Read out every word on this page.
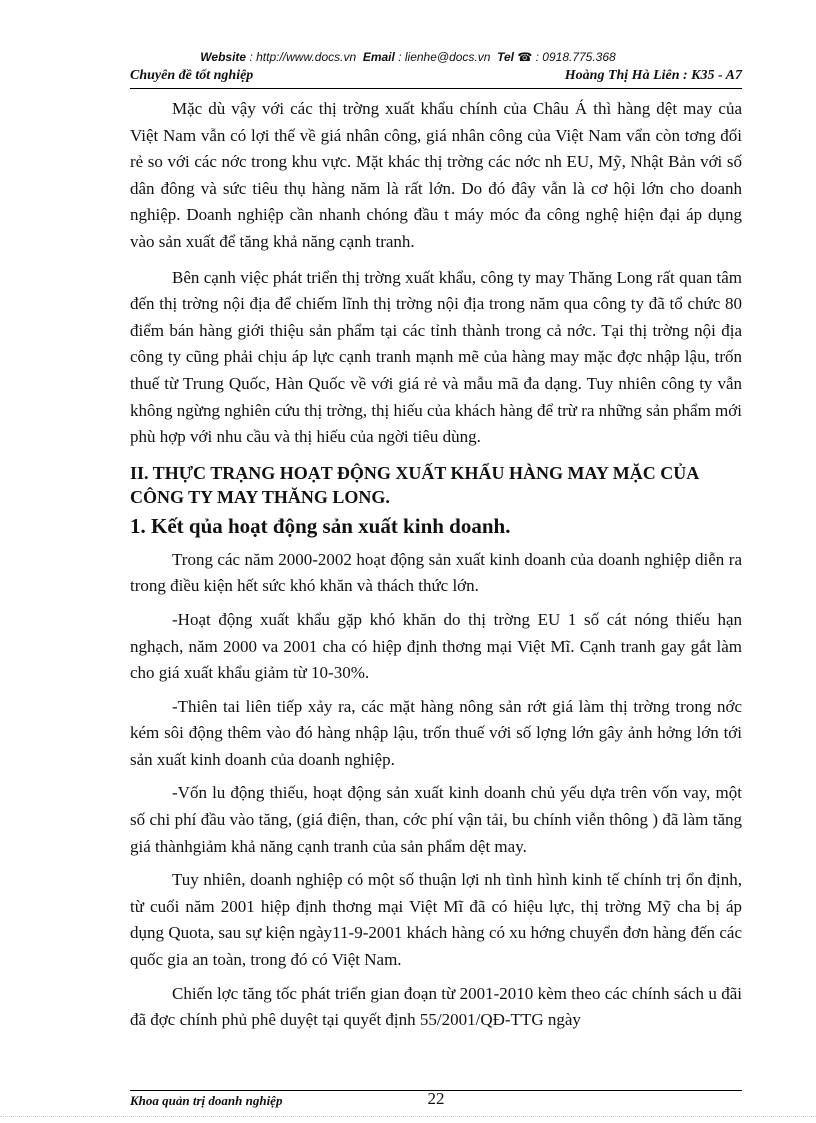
Website : http://www.docs.vn Email : lienhe@docs.vn Tel ☎ : 0918.775.368
Chuyên đề tốt nghiệp	Hoàng Thị Hà Liên : K35 - A7

Mặc dù vậy với các thị trờng xuất khẩu chính của Châu Á thì hàng dệt may của Việt Nam vẫn có lợi thế về giá nhân công, giá nhân công của Việt Nam vẩn còn tơng đối rẻ so với các nớc trong khu vực. Mặt khác thị trờng các nớc nh EU, Mỹ, Nhật Bản với số dân đông và sức tiêu thụ hàng năm là rất lớn. Do đó đây vẫn là cơ hội lớn cho doanh nghiệp. Doanh nghiệp cần nhanh chóng đầu t máy móc đa công nghệ hiện đại áp dụng vào sản xuất để tăng khả năng cạnh tranh.

Bên cạnh việc phát triển thị trờng xuất khẩu, công ty may Thăng Long rất quan tâm đến thị trờng nội địa để chiếm lĩnh thị trờng nội địa trong năm qua công ty đã tổ chức 80 điểm bán hàng giới thiệu sản phẩm tại các tỉnh thành trong cả nớc. Tại thị trờng nội địa công ty cũng phải chịu áp lực cạnh tranh mạnh mẽ của hàng may mặc đợc nhập lậu, trốn thuế từ Trung Quốc, Hàn Quốc về với giá rẻ và mẫu mã đa dạng. Tuy nhiên công ty vẫn không ngừng nghiên cứu thị trờng, thị hiếu của khách hàng để trừ ra những sản phẩm mới phù hợp với nhu cầu và thị hiếu của ngời tiêu dùng.

II. THỰC TRẠNG HOẠT ĐỘNG XUẤT KHẨU HÀNG MAY MẶC CỦA CÔNG TY MAY THĂNG LONG.
1. Kết qủa hoạt động sản xuất kinh doanh.

Trong các năm 2000-2002 hoạt động sản xuất kinh doanh của doanh nghiệp diễn ra trong điều kiện hết sức khó khăn và thách thức lớn.

-Hoạt động xuất khẩu gặp khó khăn do thị trờng EU 1 số cát nóng thiếu hạn nghạch, năm 2000 va 2001 cha có hiệp định thơng mại Việt Mĩ. Cạnh tranh gay gắt làm cho giá xuất khẩu giảm từ 10-30%.

-Thiên tai liên tiếp xảy ra, các mặt hàng nông sản rớt giá làm thị trờng trong nớc kém sôi động thêm vào đó hàng nhập lậu, trốn thuế với số lợng lớn gây ảnh hởng lớn tới sản xuất kinh doanh của doanh nghiệp.

-Vốn lu động thiếu, hoạt động sản xuất kinh doanh chủ yếu dựa trên vốn vay, một số chi phí đầu vào tăng, (giá điện, than, cớc phí vận tải, bu chính viễn thông ) đã làm tăng giá thànhgiảm khả năng cạnh tranh của sản phẩm dệt may.

Tuy nhiên, doanh nghiệp có một số thuận lợi nh tình hình kinh tế chính trị ổn định, từ cuối năm 2001 hiệp định thơng mại Việt Mĩ đã có hiệu lực, thị trờng Mỹ cha bị áp dụng Quota, sau sự kiện ngày11-9-2001 khách hàng có xu hớng chuyển đơn hàng đến các quốc gia an toàn, trong đó có Việt Nam.

Chiến lợc tăng tốc phát triển gian đoạn từ 2001-2010 kèm theo các chính sách u đãi đã đợc chính phủ phê duyệt tại quyết định 55/2001/QĐ-TTG ngày

Khoa quản trị doanh nghiệp	22
